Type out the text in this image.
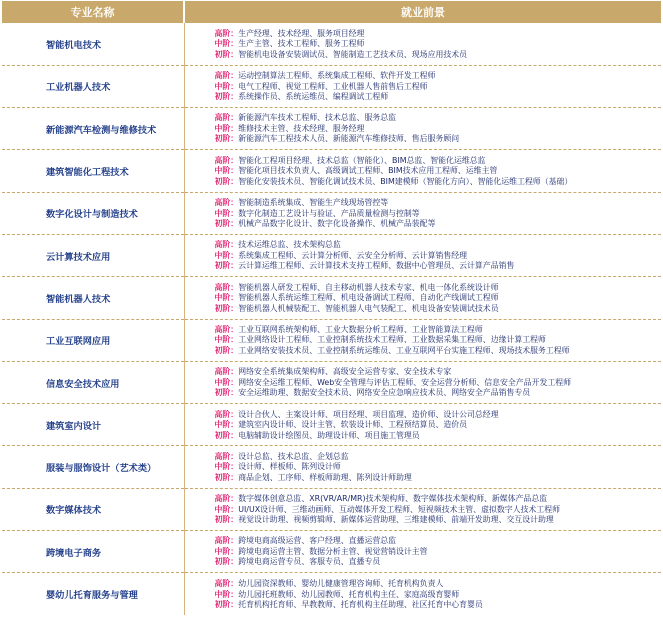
专业名称	就业前景

智能机电技术	高阶：生产经理、技术经理、服务项目经理
中阶：生产主管、技术工程师、服务工程师
初阶：智能机电设备安装调试员、智能制造工艺技术员、现场应用技术员

工业机器人技术	高阶：运动控制算法工程师、系统集成工程师、软件开发工程师
中阶：电气工程师、视觉工程师、工业机器人售前售后工程师
初阶：系统操作员、系统运维员、编程调试工程师

新能源汽车检测与维修技术	高阶：新能源汽车技术工程师、技术总监、服务总监
中阶：维修技术主管、技术经理、服务经理
初阶：新能源汽车工程技术人员、新能源汽车维修技师、售后服务顾问

建筑智能化工程技术	高阶：智能化工程项目经理、技术总监（智能化）、BIM总监、智能化运维总监
中阶：智能化项目技术负责人、高级调试工程师、BIM技术应用工程师、运维主管
初阶：智能化安装技术员、智能化调试技术员、BIM建模师（智能化方向）、智能化运维工程师（基础）

数字化设计与制造技术	高阶：智能制造系统集成、智能生产线现场管控等
中阶：数字化制造工艺设计与验证、产品质量检测与控制等
初阶：机械产品数字化设计、数字化设备操作、机械产品装配等

云计算技术应用	高阶：技术运维总监、技术架构总监
中阶：系统集成工程师、云计算分析师、云安全分析师、云计算销售经理
初阶：云计算运维工程师、云计算技术支持工程师、数据中心管理员、云计算产品销售

智能机器人技术	高阶：智能机器人研发工程师、自主移动机器人技术专家、机电一体化系统设计师
中阶：智能机器人系统运维工程师、机电设备调试工程师、自动化产线调试工程师
初阶：智能机器人机械装配工、智能机器人电气装配工、机电设备安装调试技术员

工业互联网应用	高阶：工业互联网系统架构师、工业大数据分析工程师、工业智能算法工程师
中阶：工业网络设计工程师、工业控制系统技术工程师、工业数据采集工程师、边缘计算工程师
初阶：工业网络安装技术员、工业控制系统运维员、工业互联网平台实施工程师、现场技术服务工程师

信息安全技术应用	高阶：网络安全系统集成架构师、高级安全运营专家、安全技术专家
中阶：网络安全运维工程师、Web安全管理与评估工程师、安全运营分析师、信息安全产品开发工程师
初阶：安全运维助理、数据安全技术员、网络安全应急响应技术员、网络安全产品销售专员

建筑室内设计	高阶：设计合伙人、主案设计师、项目经理、项目监理、造价师、设计公司总经理
中阶：建筑室内设计师、设计主管、软装设计师、工程预结算员、造价员
初阶：电脑辅助设计绘图员、助理设计师、项目施工管理员

服装与服饰设计（艺术类）	高阶：设计总监、技术总监、企划总监
中阶：设计师、样板师、陈列设计师
初阶：商品企划、工序师、样板师助理、陈列设计师助理

数字媒体技术	高阶：数字媒体创意总监、XR(VR/AR/MR)技术架构师、数字媒体技术架构师、新媒体产品总监
中阶：UI/UX设计师、三维动画师、互动媒体开发工程师、短视频技术主管、虚拟数字人技术工程师
初阶：视觉设计助理、视频剪辑师、新媒体运营助理、三维建模师、前端开发助理、交互设计助理

跨境电子商务	高阶：跨境电商高级运营、客户经理、直播运营总监
中阶：跨境电商运营主管、数据分析主管、视觉营销设计主管
初阶：跨境电商运营专员、客服专员、直播专员

婴幼儿托育服务与管理	高阶：幼儿园资深教师、婴幼儿健康管理咨询师、托育机构负责人
中阶：幼儿园托班教师、幼儿园教师、托育机构主任、家庭高级育婴师
初阶：托育机构托育师、早教教师、托育机构主任助理、社区托育中心育婴员
